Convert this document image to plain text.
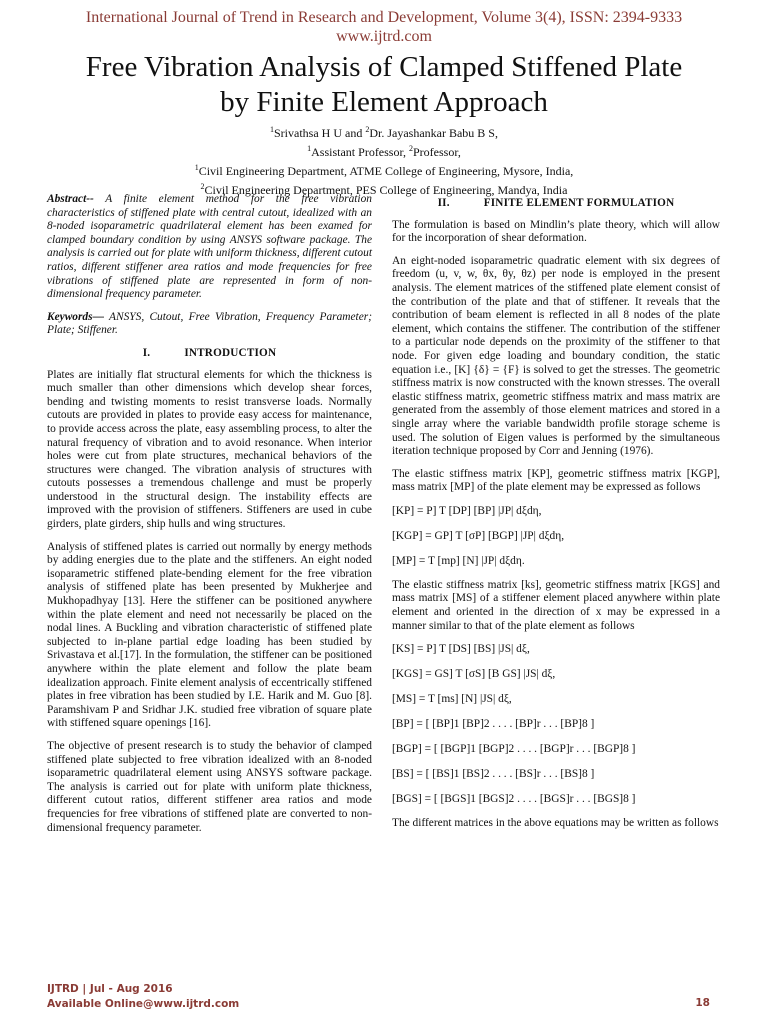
International Journal of Trend in Research and Development, Volume 3(4), ISSN: 2394-9333
www.ijtrd.com
Free Vibration Analysis of Clamped Stiffened Plate
by Finite Element Approach
$^1$Srivathsa H U and $^2$Dr. Jayashankar Babu B S,
$^1$Assistant Professor, $^2$Professor,
$^1$Civil Engineering Department, ATME College of Engineering, Mysore, India,
$^2$Civil Engineering Department, PES College of Engineering, Mandya, India

Abstract-- A finite element method for the free vibration characteristics of stiffened plate with central cutout, idealized with an 8-noded isoparametric quadrilateral element has been examed for clamped boundary condition by using ANSYS software package. The analysis is carried out for plate with uniform thickness, different cutout ratios, different stiffener area ratios and mode frequencies for free vibrations of stiffened plate are represented in form of non-dimensional frequency parameter.

Keywords— ANSYS, Cutout, Free Vibration, Frequency Parameter; Plate; Stiffener.

I.	INTRODUCTION

Plates are initially flat structural elements for which the thickness is much smaller than other dimensions which develop shear forces, bending and twisting moments to resist transverse loads. Normally cutouts are provided in plates to provide easy access for maintenance, to provide access across the plate, easy assembling process, to alter the natural frequency of vibration and to avoid resonance. When interior holes were cut from plate structures, mechanical behaviors of the structures were changed. The vibration analysis of structures with cutouts possesses a tremendous challenge and must be properly understood in the structural design. The instability effects are improved with the provision of stiffeners. Stiffeners are used in cube girders, plate girders, ship hulls and wing structures.

Analysis of stiffened plates is carried out normally by energy methods by adding energies due to the plate and the stiffeners. An eight noded isoparametric stiffened plate-bending element for the free vibration analysis of stiffened plate has been presented by Mukherjee and Mukhopadhyay [13]. Here the stiffener can be positioned anywhere within the plate element and need not necessarily be placed on the nodal lines. A Buckling and vibration characteristic of stiffened plate subjected to in-plane partial edge loading has been studied by Srivastava et al.[17]. In the formulation, the stiffener can be positioned anywhere within the plate element and follow the plate beam idealization approach. Finite element analysis of eccentrically stiffened plates in free vibration has been studied by I.E. Harik and M. Guo [8]. Paramshivam P and Sridhar J.K. studied free vibration of square plate with stiffened square openings [16].

The objective of present research is to study the behavior of clamped stiffened plate subjected to free vibration idealized with an 8-noded isoparametric quadrilateral element using ANSYS software package. The analysis is carried out for plate with uniform plate thickness, different cutout ratios, different stiffener area ratios and mode frequencies for free vibrations of stiffened plate are converted to non-dimensional frequency parameter.

II.	FINITE ELEMENT FORMULATION

The formulation is based on Mindlin’s plate theory, which will allow for the incorporation of shear deformation.

An eight-noded isoparametric quadratic element with six degrees of freedom (u, v, w, θx, θy, θz) per node is employed in the present analysis. The element matrices of the stiffened plate element consist of the contribution of the plate and that of stiffener. It reveals that the contribution of beam element is reflected in all 8 nodes of the plate element, which contains the stiffener. The contribution of the stiffener to a particular node depends on the proximity of the stiffener to that node. For given edge loading and boundary condition, the static equation i.e., [K] {δ} = {F} is solved to get the stresses. The geometric stiffness matrix is now constructed with the known stresses. The overall elastic stiffness matrix, geometric stiffness matrix and mass matrix are generated from the assembly of those element matrices and stored in a single array where the variable bandwidth profile storage scheme is used. The solution of Eigen values is performed by the simultaneous iteration technique proposed by Corr and Jenning (1976).

The elastic stiffness matrix [KP], geometric stiffness matrix [KGP], mass matrix [MP] of the plate element may be expressed as follows

[KP] = P] T [DP] [BP] |JP| dξdη,
[KGP] = GP] T [σP] [BGP] |JP| dξdη,
[MP] = T [mp] [N] |JP| dξdη.

The elastic stiffness matrix [ks], geometric stiffness matrix [KGS] and mass matrix [MS] of a stiffener element placed anywhere within plate element and oriented in the direction of x may be expressed in a manner similar to that of the plate element as follows

[KS] = P] T [DS] [BS] |JS| dξ,
[KGS] = GS] T [σS] [B GS] |JS| dξ,
[MS] = T [ms] [N] |JS| dξ,
[BP] = [ [BP]1 [BP]2 . . . . [BP]r . . . [BP]8 ]
[BGP] = [ [BGP]1 [BGP]2 . . . . [BGP]r . . . [BGP]8 ]
[BS] = [ [BS]1 [BS]2 . . . . [BS]r . . . [BS]8 ]
[BGS] = [ [BGS]1 [BGS]2 . . . . [BGS]r . . . [BGS]8 ]

The different matrices in the above equations may be written as follows

IJTRD | Jul - Aug 2016
Available Online@www.ijtrd.com	18
